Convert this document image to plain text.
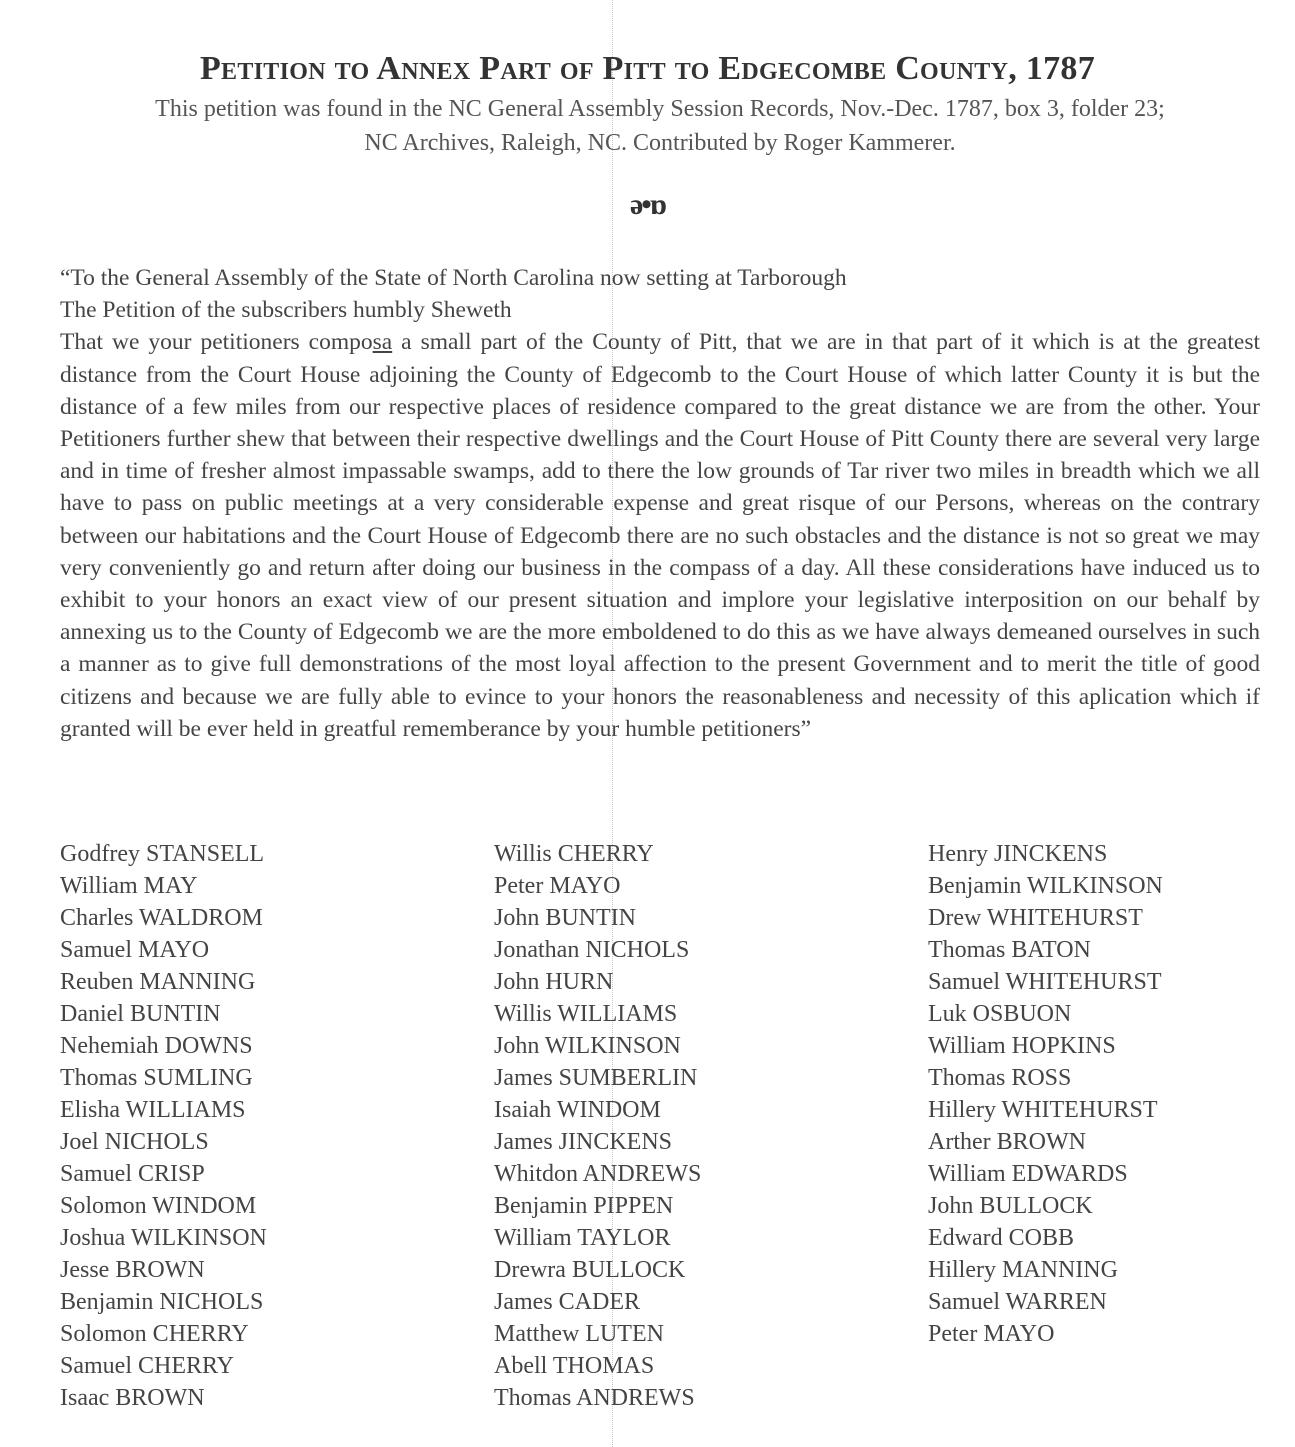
Petition to Annex Part of Pitt to Edgecombe County, 1787
This petition was found in the NC General Assembly Session Records, Nov.-Dec. 1787, box 3, folder 23;
NC Archives, Raleigh, NC. Contributed by Roger Kammerer.
ə•ɒ

“To the General Assembly of the State of North Carolina now setting at Tarborough

The Petition of the subscribers humbly Sheweth

That we your petitioners composa a small part of the County of Pitt, that we are in that part of it which is at the greatest distance from the Court House adjoining the County of Edgecomb to the Court House of which latter County it is but the distance of a few miles from our respective places of residence compared to the great distance we are from the other. Your Petitioners further shew that between their respective dwellings and the Court House of Pitt County there are several very large and in time of fresher almost impassable swamps, add to there the low grounds of Tar river two miles in breadth which we all have to pass on public meetings at a very considerable expense and great risque of our Persons, whereas on the contrary between our habitations and the Court House of Edgecomb there are no such obstacles and the distance is not so great we may very conveniently go and return after doing our business in the compass of a day. All these considerations have induced us to exhibit to your honors an exact view of our present situation and implore your legislative interposition on our behalf by annexing us to the County of Edgecomb we are the more emboldened to do this as we have always demeaned ourselves in such a manner as to give full demonstrations of the most loyal affection to the present Government and to merit the title of good citizens and because we are fully able to evince to your honors the reasonableness and necessity of this aplication which if granted will be ever held in greatful rememberance by your humble petitioners”

Godfrey STANSELL
William MAY
Charles WALDROM
Samuel MAYO
Reuben MANNING
Daniel BUNTIN
Nehemiah DOWNS
Thomas SUMLING
Elisha WILLIAMS
Joel NICHOLS
Samuel CRISP
Solomon WINDOM
Joshua WILKINSON
Jesse BROWN
Benjamin NICHOLS
Solomon CHERRY
Samuel CHERRY
Isaac BROWN
Willis CHERRY
Peter MAYO
John BUNTIN
Jonathan NICHOLS
John HURN
Willis WILLIAMS
John WILKINSON
James SUMBERLIN
Isaiah WINDOM
James JINCKENS
Whitdon ANDREWS
Benjamin PIPPEN
William TAYLOR
Drewra BULLOCK
James CADER
Matthew LUTEN
Abell THOMAS
Thomas ANDREWS
Henry JINCKENS
Benjamin WILKINSON
Drew WHITEHURST
Thomas BATON
Samuel WHITEHURST
Luk OSBUON
William HOPKINS
Thomas ROSS
Hillery WHITEHURST
Arther BROWN
William EDWARDS
John BULLOCK
Edward COBB
Hillery MANNING
Samuel WARREN
Peter MAYO
